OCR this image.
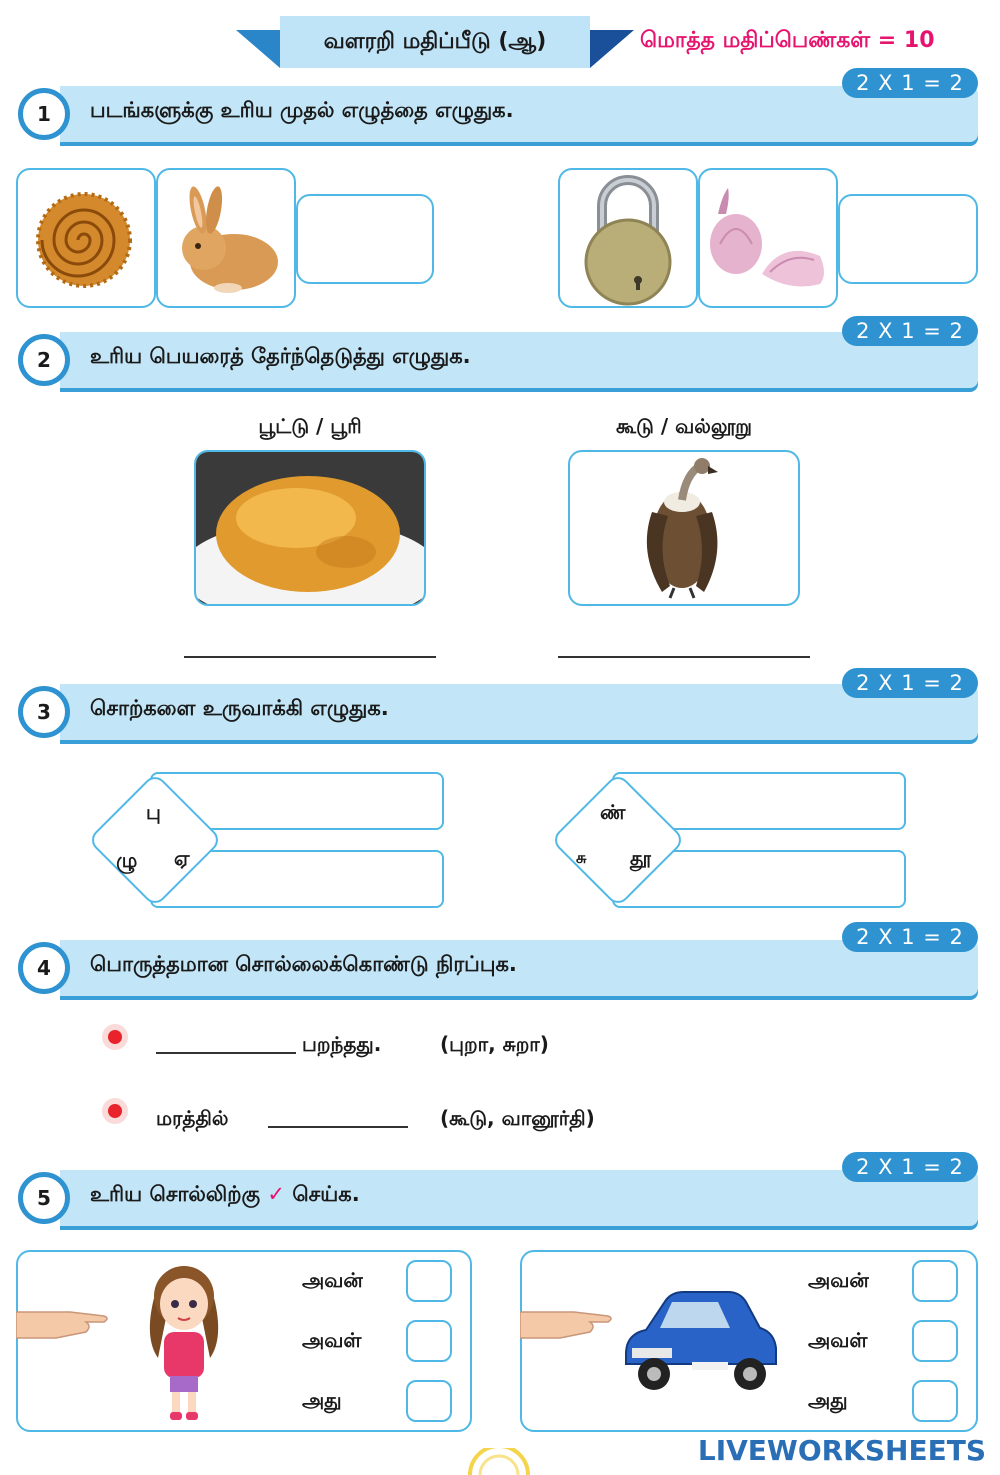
வளரறி மதிப்பீடு (ஆ)	மொத்த மதிப்பெண்கள் = 10
1	படங்களுக்கு உரிய முதல் எழுத்தை எழுதுக.
2 X 1 = 2
2	உரிய பெயரைத் தேர்ந்தெடுத்து எழுதுக.
2 X 1 = 2
பூட்டு / பூரி	கூடு / வல்லூறு
3	சொற்களை உருவாக்கி எழுதுக.
2 X 1 = 2
பு
ழு ஏ
ண்
சு தூ
4	பொருத்தமான சொல்லைக்கொண்டு நிரப்புக.
2 X 1 = 2
பறந்தது.	(புறா, சுறா)
மரத்தில்	(கூடு, வானூர்தி)
5	உரிய சொல்லிற்கு ✓ செய்க.
2 X 1 = 2
அவன்
அவள்
அது
அவன்
அவள்
அது
LIVEWORKSHEETS
